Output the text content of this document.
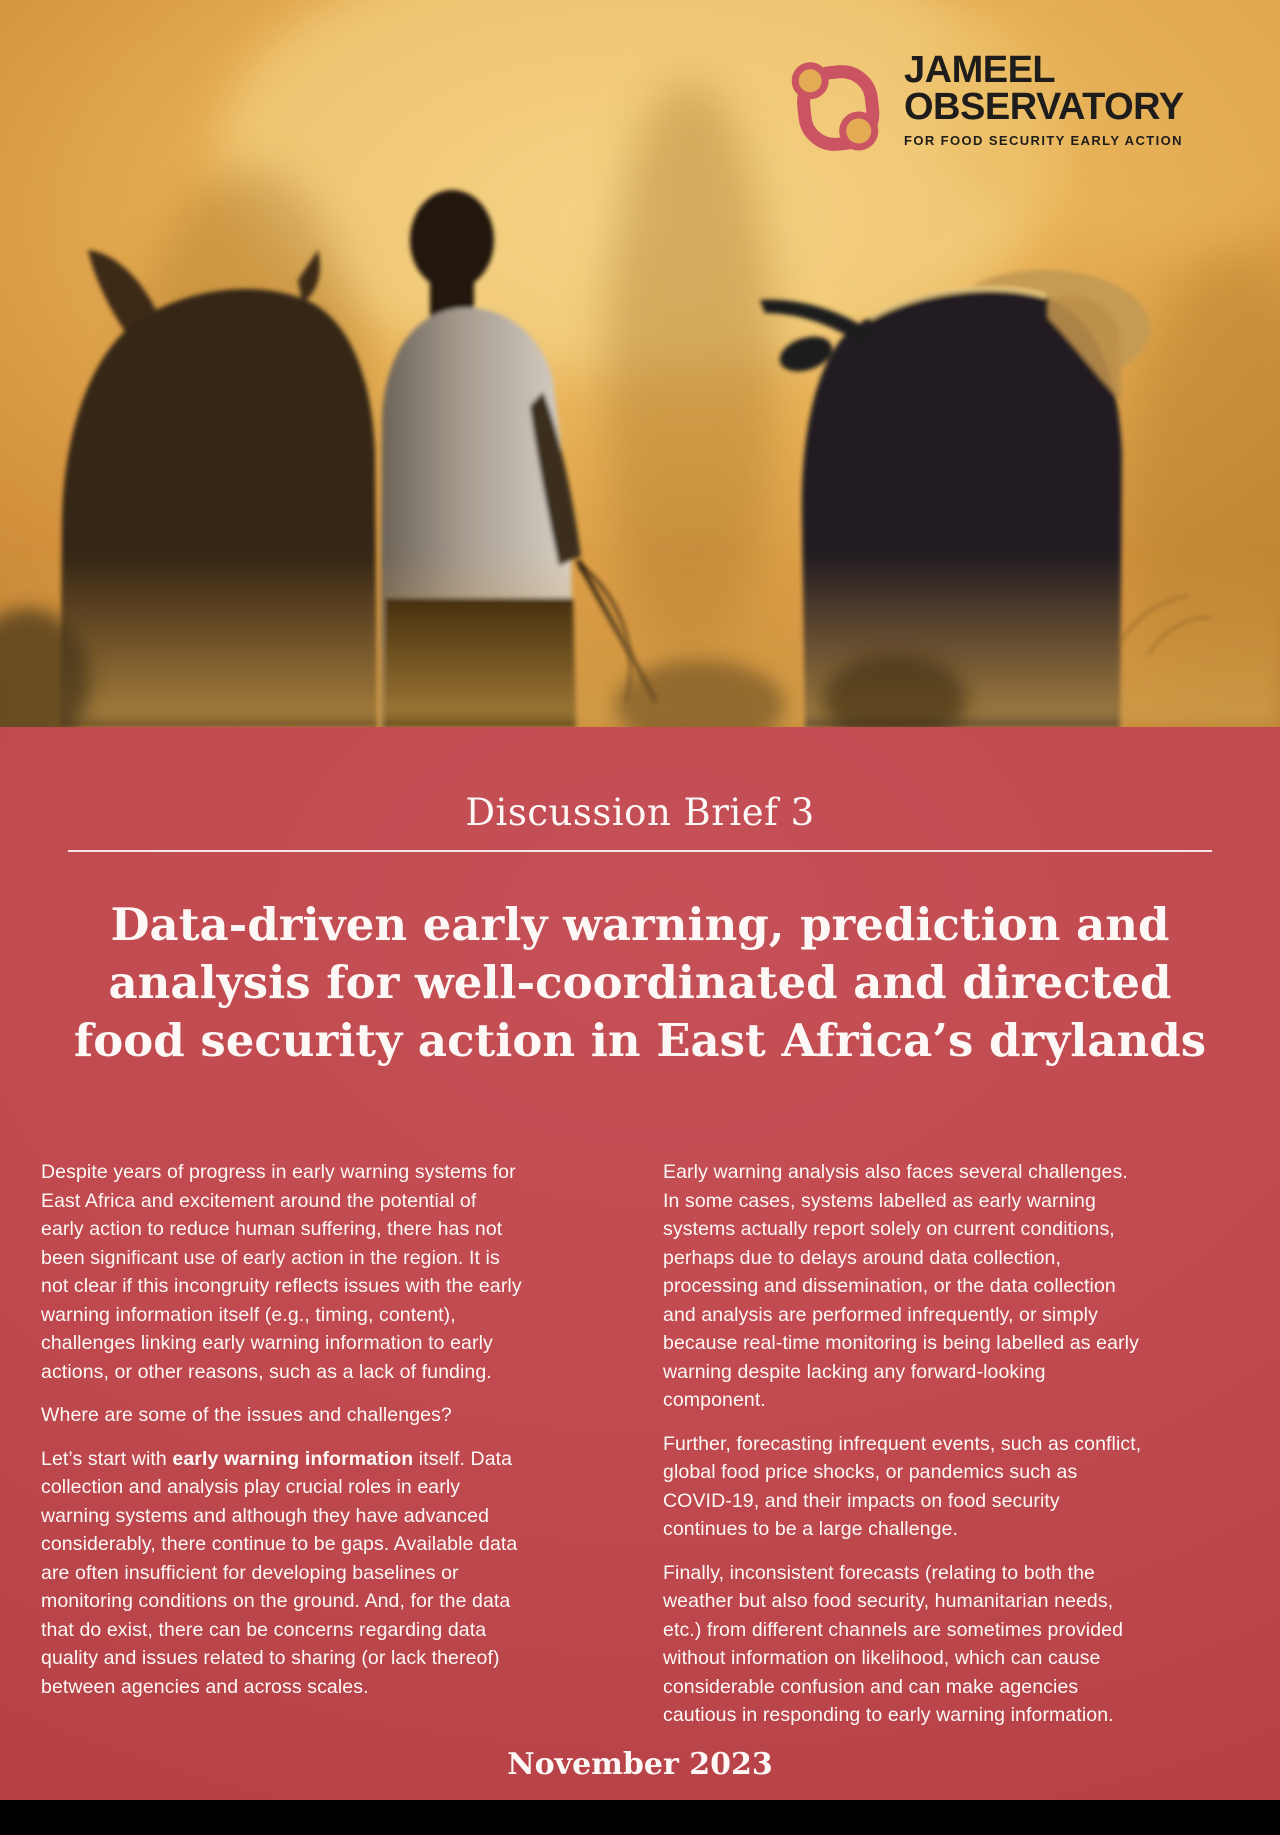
JAMEEL
OBSERVATORY
FOR FOOD SECURITY EARLY ACTION
Discussion Brief 3
Data-driven early warning, prediction and
analysis for well-coordinated and directed
food security action in East Africa’s drylands

Despite years of progress in early warning systems for East Africa and excitement around the potential of early action to reduce human suffering, there has not been significant use of early action in the region. It is not clear if this incongruity reflects issues with the early warning information itself (e.g., timing, content), challenges linking early warning information to early actions, or other reasons, such as a lack of funding.

Where are some of the issues and challenges?

Let’s start with early warning information itself. Data collection and analysis play crucial roles in early warning systems and although they have advanced considerably, there continue to be gaps. Available data are often insufficient for developing baselines or monitoring conditions on the ground. And, for the data that do exist, there can be concerns regarding data quality and issues related to sharing (or lack thereof) between agencies and across scales.

Early warning analysis also faces several challenges. In some cases, systems labelled as early warning systems actually report solely on current conditions, perhaps due to delays around data collection, processing and dissemination, or the data collection and analysis are performed infrequently, or simply because real-time monitoring is being labelled as early warning despite lacking any forward-looking component.

Further, forecasting infrequent events, such as conflict, global food price shocks, or pandemics such as COVID-19, and their impacts on food security continues to be a large challenge.

Finally, inconsistent forecasts (relating to both the weather but also food security, humanitarian needs, etc.) from different channels are sometimes provided without information on likelihood, which can cause considerable confusion and can make agencies cautious in responding to early warning information.

November 2023
